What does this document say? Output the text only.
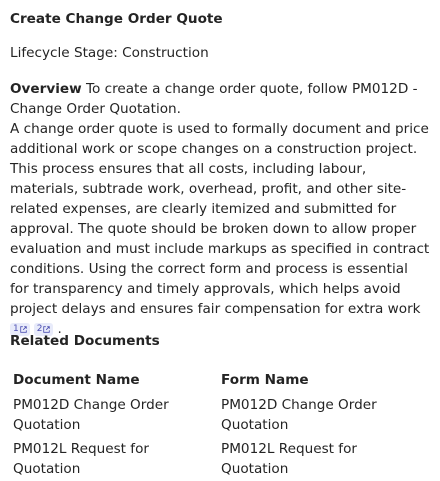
Create Change Order Quote

Lifecycle Stage: Construction

Overview To create a change order quote, follow PM012D - Change Order Quotation.
A change order quote is used to formally document and price additional work or scope changes on a construction project. This process ensures that all costs, including labour, materials, subtrade work, overhead, profit, and other site-related expenses, are clearly itemized and submitted for approval. The quote should be broken down to allow proper evaluation and must include markups as specified in contract conditions. Using the correct form and process is essential for transparency and timely approvals, which helps avoid project delays and ensures fair compensation for extra work

1 2 .

Related Documents

Document Name	Form Name
PM012D Change Order Quotation	PM012D Change Order Quotation
PM012L Request for Quotation	PM012L Request for Quotation
